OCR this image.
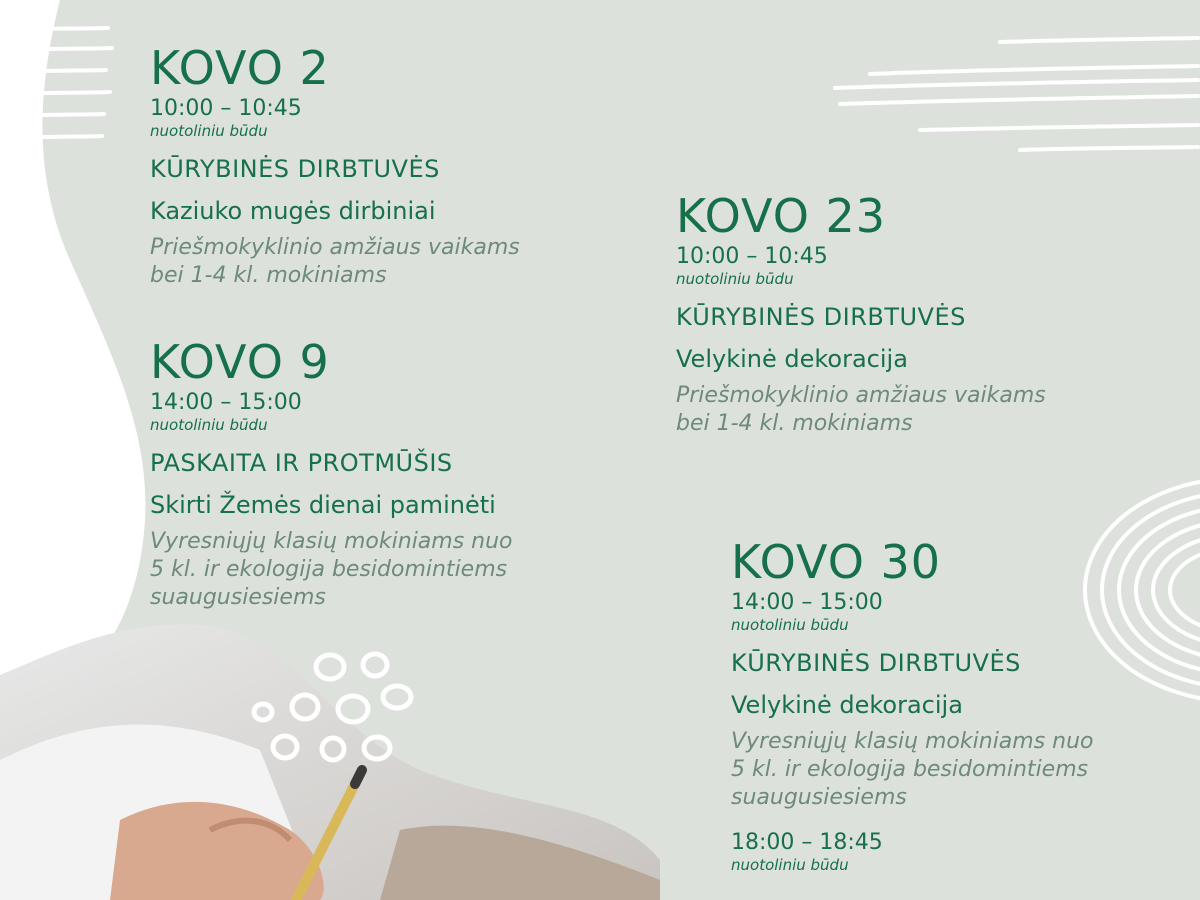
KOVO 2
10:00 – 10:45
nuotoliniu būdu
KŪRYBINĖS DIRBTUVĖS
Kaziuko mugės dirbiniai
Priešmokyklinio amžiaus vaikams
bei 1-4 kl. mokiniams
KOVO 9
14:00 – 15:00
nuotoliniu būdu
PASKAITA IR PROTMŪŠIS
Skirti Žemės dienai paminėti
Vyresniųjų klasių mokiniams nuo
5 kl. ir ekologija besidomintiems
suaugusiesiems
KOVO 23
10:00 – 10:45
nuotoliniu būdu
KŪRYBINĖS DIRBTUVĖS
Velykinė dekoracija
Priešmokyklinio amžiaus vaikams
bei 1-4 kl. mokiniams
KOVO 30
14:00 – 15:00
nuotoliniu būdu
KŪRYBINĖS DIRBTUVĖS
Velykinė dekoracija
Vyresniųjų klasių mokiniams nuo
5 kl. ir ekologija besidomintiems
suaugusiesiems
18:00 – 18:45
nuotoliniu būdu
